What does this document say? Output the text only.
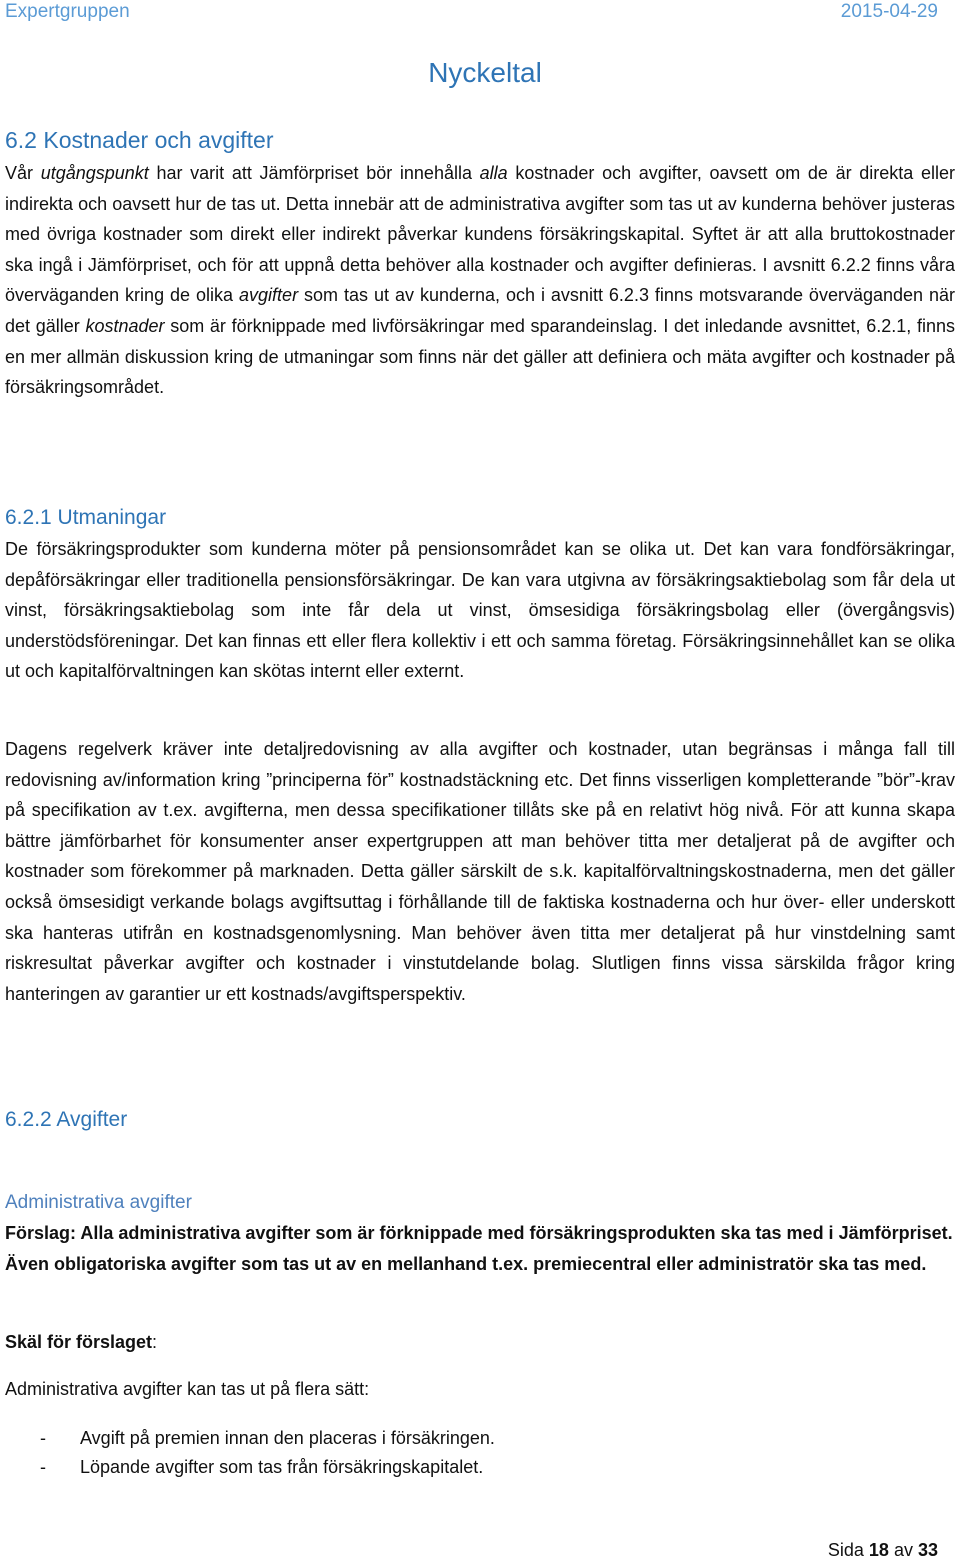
Expertgruppen	2015-04-29
Nyckeltal
6.2 Kostnader och avgifter

Vår utgångspunkt har varit att Jämförpriset bör innehålla alla kostnader och avgifter, oavsett om de är direkta eller indirekta och oavsett hur de tas ut. Detta innebär att de administrativa avgifter som tas ut av kunderna behöver justeras med övriga kostnader som direkt eller indirekt påverkar kundens försäkringskapital. Syftet är att alla bruttokostnader ska ingå i Jämförpriset, och för att uppnå detta behöver alla kostnader och avgifter definieras. I avsnitt 6.2.2 finns våra överväganden kring de olika avgifter som tas ut av kunderna, och i avsnitt 6.2.3 finns motsvarande överväganden när det gäller kostnader som är förknippade med livförsäkringar med sparandeinslag. I det inledande avsnittet, 6.2.1, finns en mer allmän diskussion kring de utmaningar som finns när det gäller att definiera och mäta avgifter och kostnader på försäkringsområdet.

6.2.1 Utmaningar

De försäkringsprodukter som kunderna möter på pensionsområdet kan se olika ut. Det kan vara fondförsäkringar, depåförsäkringar eller traditionella pensionsförsäkringar. De kan vara utgivna av försäkringsaktiebolag som får dela ut vinst, försäkringsaktiebolag som inte får dela ut vinst, ömsesidiga försäkringsbolag eller (övergångsvis) understödsföreningar. Det kan finnas ett eller flera kollektiv i ett och samma företag. Försäkringsinnehållet kan se olika ut och kapitalförvaltningen kan skötas internt eller externt.

Dagens regelverk kräver inte detaljredovisning av alla avgifter och kostnader, utan begränsas i många fall till redovisning av/information kring ”principerna för” kostnadstäckning etc. Det finns visserligen kompletterande ”bör”-krav på specifikation av t.ex. avgifterna, men dessa specifikationer tillåts ske på en relativt hög nivå. För att kunna skapa bättre jämförbarhet för konsumenter anser expertgruppen att man behöver titta mer detaljerat på de avgifter och kostnader som förekommer på marknaden. Detta gäller särskilt de s.k. kapitalförvaltningskostnaderna, men det gäller också ömsesidigt verkande bolags avgiftsuttag i förhållande till de faktiska kostnaderna och hur över- eller underskott ska hanteras utifrån en kostnadsgenomlysning. Man behöver även titta mer detaljerat på hur vinstdelning samt riskresultat påverkar avgifter och kostnader i vinstutdelande bolag. Slutligen finns vissa särskilda frågor kring hanteringen av garantier ur ett kostnads/avgiftsperspektiv.

6.2.2 Avgifter
Administrativa avgifter

Förslag: Alla administrativa avgifter som är förknippade med försäkringsprodukten ska tas med i Jämförpriset. Även obligatoriska avgifter som tas ut av en mellanhand t.ex. premiecentral eller administratör ska tas med.

Skäl för förslaget:

Administrativa avgifter kan tas ut på flera sätt:

- Avgift på premien innan den placeras i försäkringen.
- Löpande avgifter som tas från försäkringskapitalet.
Sida 18 av 33
